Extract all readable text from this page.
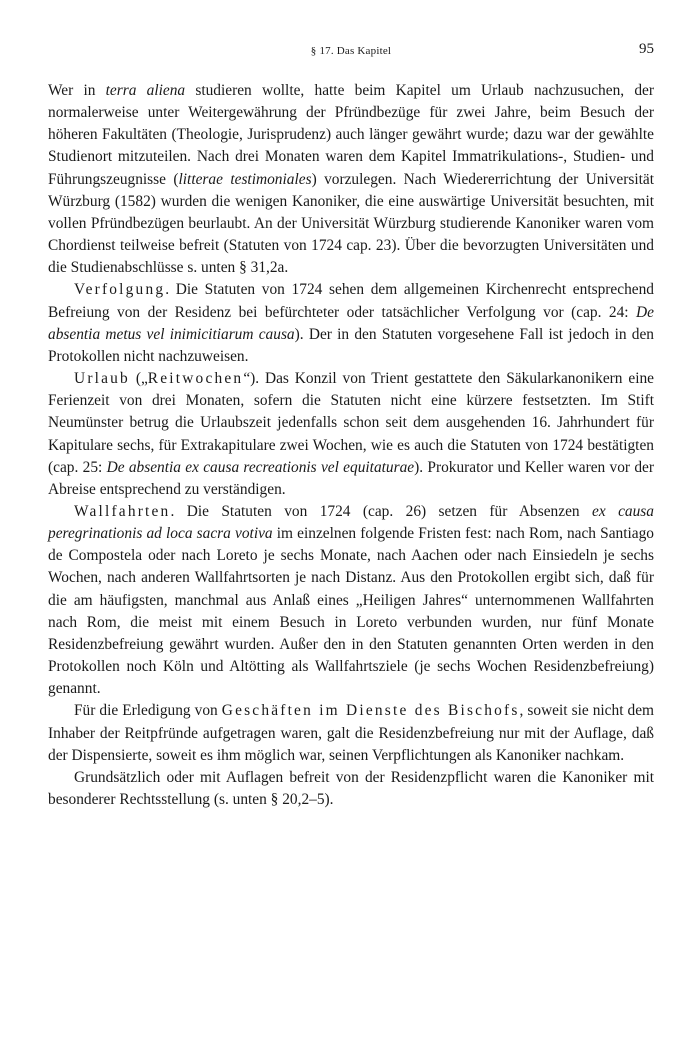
§ 17. Das Kapitel	95

Wer in terra aliena studieren wollte, hatte beim Kapitel um Urlaub nachzusuchen, der normalerweise unter Weitergewährung der Pfründbezüge für zwei Jahre, beim Besuch der höheren Fakultäten (Theologie, Jurisprudenz) auch länger gewährt wurde; dazu war der gewählte Studienort mitzuteilen. Nach drei Monaten waren dem Kapitel Immatrikulations-, Studien- und Führungszeugnisse (litterae testimoniales) vorzulegen. Nach Wiedererrichtung der Universität Würzburg (1582) wurden die wenigen Kanoniker, die eine auswärtige Universität besuchten, mit vollen Pfründbezügen beurlaubt. An der Universität Würzburg studierende Kanoniker waren vom Chordienst teilweise befreit (Statuten von 1724 cap. 23). Über die bevorzugten Universitäten und die Studienabschlüsse s. unten § 31,2a.

Verfolgung. Die Statuten von 1724 sehen dem allgemeinen Kirchenrecht entsprechend Befreiung von der Residenz bei befürchteter oder tatsächlicher Verfolgung vor (cap. 24: De absentia metus vel inimicitiarum causa). Der in den Statuten vorgesehene Fall ist jedoch in den Protokollen nicht nachzuweisen.

Urlaub („Reitwochen“). Das Konzil von Trient gestattete den Säkularkanonikern eine Ferienzeit von drei Monaten, sofern die Statuten nicht eine kürzere festsetzten. Im Stift Neumünster betrug die Urlaubszeit jedenfalls schon seit dem ausgehenden 16. Jahrhundert für Kapitulare sechs, für Extrakapitulare zwei Wochen, wie es auch die Statuten von 1724 bestätigten (cap. 25: De absentia ex causa recreationis vel equitaturae). Prokurator und Keller waren vor der Abreise entsprechend zu verständigen.

Wallfahrten. Die Statuten von 1724 (cap. 26) setzen für Absenzen ex causa peregrinationis ad loca sacra votiva im einzelnen folgende Fristen fest: nach Rom, nach Santiago de Compostela oder nach Loreto je sechs Monate, nach Aachen oder nach Einsiedeln je sechs Wochen, nach anderen Wallfahrtsorten je nach Distanz. Aus den Protokollen ergibt sich, daß für die am häufigsten, manchmal aus Anlaß eines „Heiligen Jahres“ unternommenen Wallfahrten nach Rom, die meist mit einem Besuch in Loreto verbunden wurden, nur fünf Monate Residenzbefreiung gewährt wurden. Außer den in den Statuten genannten Orten werden in den Protokollen noch Köln und Altötting als Wallfahrtsziele (je sechs Wochen Residenzbefreiung) genannt.

Für die Erledigung von Geschäften im Dienste des Bischofs, soweit sie nicht dem Inhaber der Reitpfründe aufgetragen waren, galt die Residenzbefreiung nur mit der Auflage, daß der Dispensierte, soweit es ihm möglich war, seinen Verpflichtungen als Kanoniker nachkam.

Grundsätzlich oder mit Auflagen befreit von der Residenzpflicht waren die Kanoniker mit besonderer Rechtsstellung (s. unten § 20,2–5).
